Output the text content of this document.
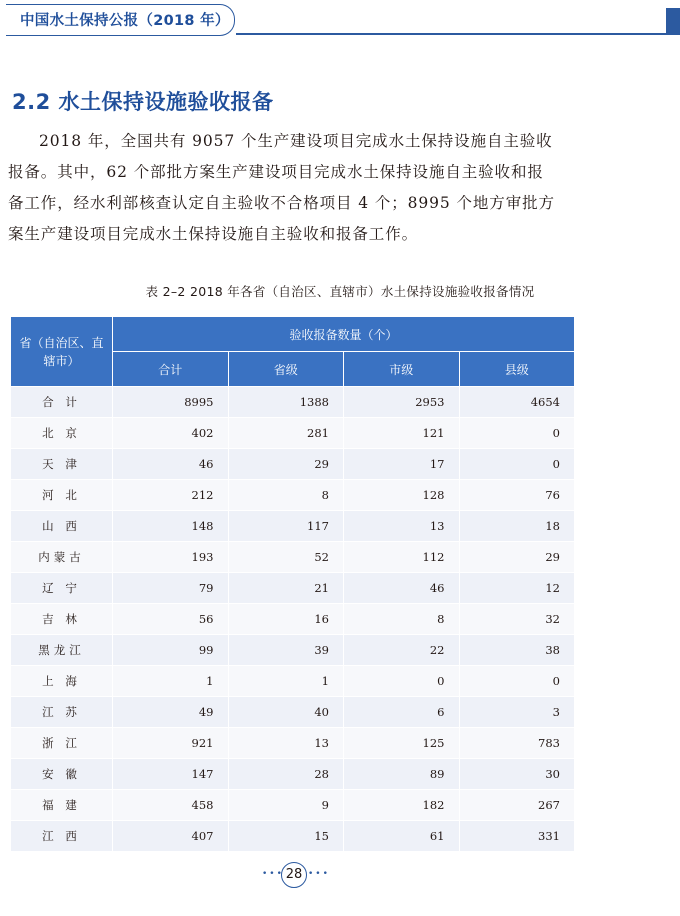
中国水土保持公报（2018 年）
2.2 水土保持设施验收报备
2018 年，全国共有 9057 个生产建设项目完成水土保持设施自主验收
报备。其中，62 个部批方案生产建设项目完成水土保持设施自主验收和报
备工作，经水利部核查认定自主验收不合格项目 4 个；8995 个地方审批方
案生产建设项目完成水土保持设施自主验收和报备工作。
表 2–2 2018 年各省（自治区、直辖市）水土保持设施验收报备情况
省（自治区、直辖市）	验收报备数量（个）			
	合计	省级	市级	县级
合 计	8995	1388	2953	4654
北 京	402	281	121	0
天 津	46	29	17	0
河 北	212	8	128	76
山 西	148	117	13	18
内蒙古	193	52	112	29
辽 宁	79	21	46	12
吉 林	56	16	8	32
黑龙江	99	39	22	38
上 海	1	1	0	0
江 苏	49	40	6	3
浙 江	921	13	125	783
安 徽	147	28	89	30
福 建	458	9	182	267
江 西	407	15	61	331
••• 28 •••
